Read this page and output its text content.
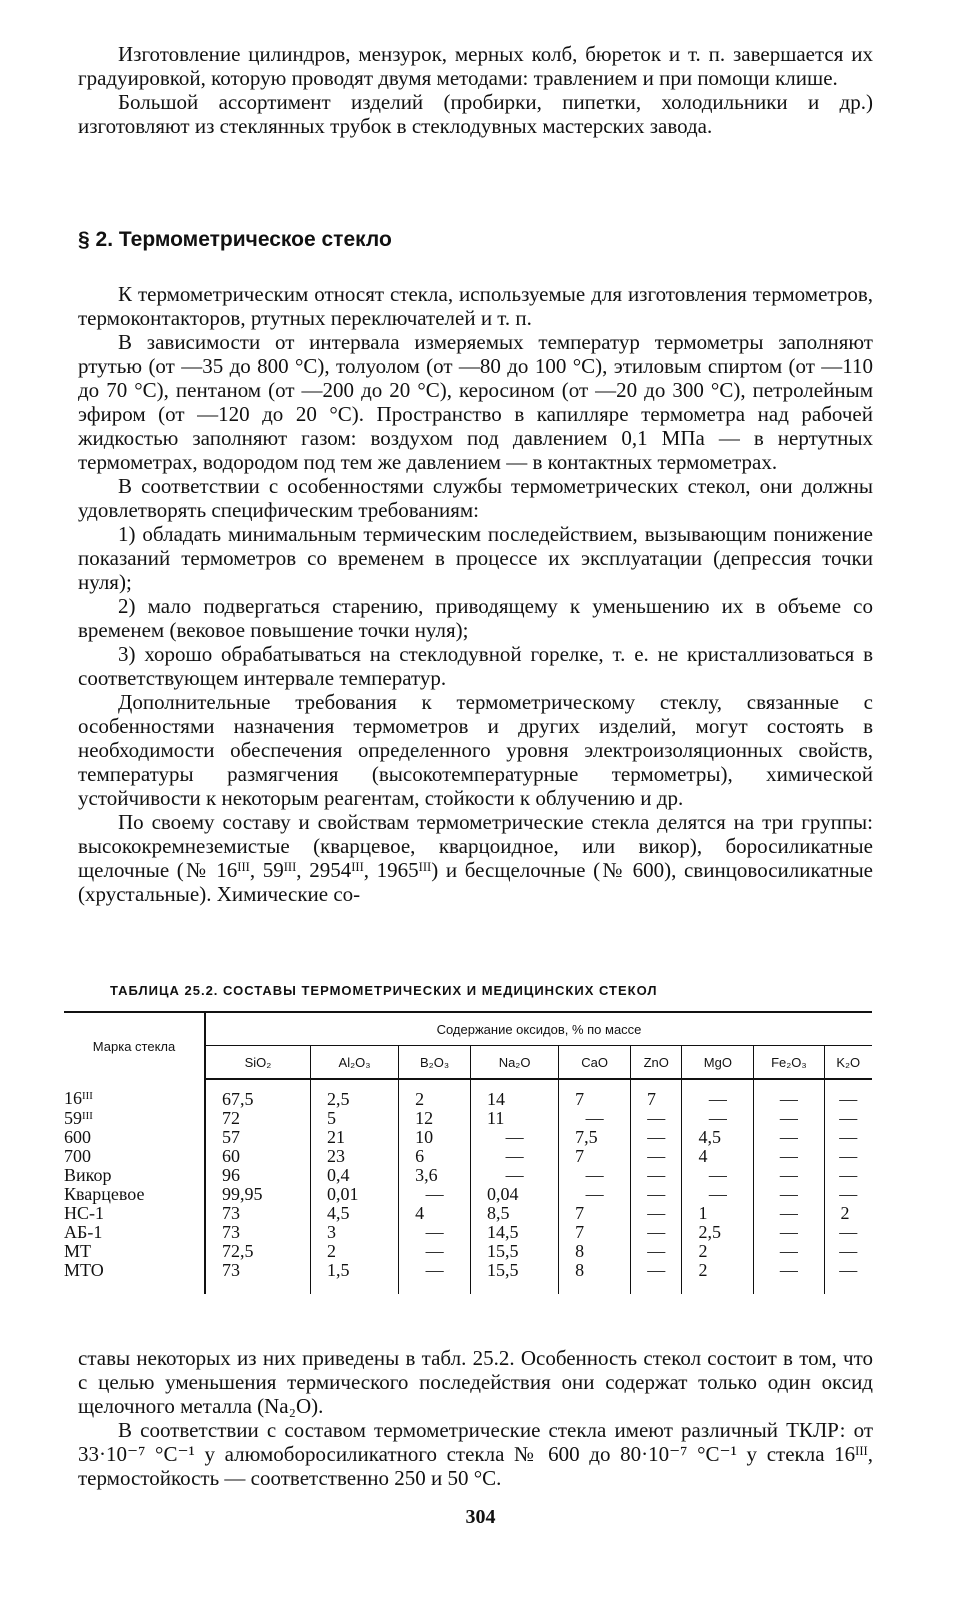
Изготовление цилиндров, мензурок, мерных колб, бюреток и т. п. завершается их градуировкой, которую проводят двумя методами: травлением и при помощи клише.

Большой ассортимент изделий (пробирки, пипетки, холодильники и др.) изготовляют из стеклянных трубок в стеклодувных мастерских завода.

§ 2. Термометрическое стекло

К термометрическим относят стекла, используемые для изготовления термометров, термоконтакторов, ртутных переключателей и т. п.

В зависимости от интервала измеряемых температур термометры заполняют ртутью (от —35 до 800 °С), толуолом (от —80 до 100 °С), этиловым спиртом (от —110 до 70 °С), пентаном (от —200 до 20 °С), керосином (от —20 до 300 °С), петролейным эфиром (от —120 до 20 °С). Пространство в капилляре термометра над рабочей жидкостью заполняют газом: воздухом под давлением 0,1 МПа — в нертутных термометрах, водородом под тем же давлением — в контактных термометрах.

В соответствии с особенностями службы термометрических стекол, они должны удовлетворять специфическим требованиям:

1) обладать минимальным термическим последействием, вызывающим понижение показаний термометров со временем в процессе их эксплуатации (депрессия точки нуля);

2) мало подвергаться старению, приводящему к уменьшению их в объеме со временем (вековое повышение точки нуля);

3) хорошо обрабатываться на стеклодувной горелке, т. е. не кристаллизоваться в соответствующем интервале температур.

Дополнительные требования к термометрическому стеклу, связанные с особенностями назначения термометров и других изделий, могут состоять в необходимости обеспечения определенного уровня электроизоляционных свойств, температуры размягчения (высокотемпературные термометры), химической устойчивости к некоторым реагентам, стойкости к облучению и др.

По своему составу и свойствам термометрические стекла делятся на три группы: высококремнеземистые (кварцевое, кварцоидное, или викор), боросиликатные щелочные (№ 16ᴵᴵᴵ, 59ᴵᴵᴵ, 2954ᴵᴵᴵ, 1965ᴵᴵᴵ) и бесщелочные (№ 600), свинцовосиликатные (хрустальные). Химические со-

ТАБЛИЦА 25.2. СОСТАВЫ ТЕРМОМЕТРИЧЕСКИХ И МЕДИЦИНСКИХ СТЕКОЛ
Марка стекла	Содержание оксидов, % по массе								
	SiO₂	Al₂O₃	B₂O₃	Na₂O	CaO	ZnO	MgO	Fe₂O₃	K₂O
16ᴵᴵᴵ	67,5	2,5	2	14	7	7	—	—	—
59ᴵᴵᴵ	72	5	12	11	—	—	—	—	—
600	57	21	10	—	7,5	—	4,5	—	—
700	60	23	6	—	7	—	4	—	—
Викор	96	0,4	3,6	—	—	—	—	—	—
Кварцевое	99,95	0,01	—	0,04	—	—	—	—	—
НС-1	73	4,5	4	8,5	7	—	1	—	2
АБ-1	73	3	—	14,5	7	—	2,5	—	—
МТ	72,5	2	—	15,5	8	—	2	—	—
МТО	73	1,5	—	15,5	8	—	2	—	—

ставы некоторых из них приведены в табл. 25.2. Особенность стекол состоит в том, что с целью уменьшения термического последействия они содержат только один оксид щелочного металла (Na₂O).

В соответствии с составом термометрические стекла имеют различный ТКЛР: от 33·10⁻⁷ °С⁻¹ у алюмоборосиликатного стекла № 600 до 80·10⁻⁷ °С⁻¹ у стекла 16ᴵᴵᴵ, термостойкость — соответственно 250 и 50 °С.

304
